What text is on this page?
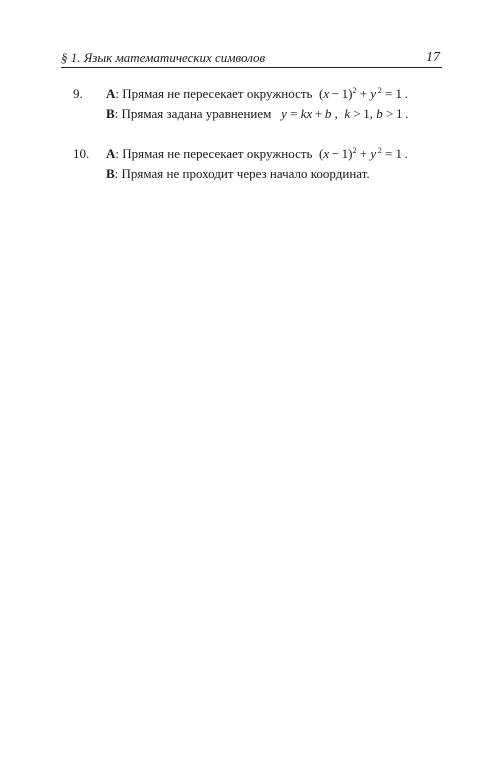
§ 1. Язык математических символов	17
9. A: Прямая не пересекает окружность  $(x - 1)^2 + y$ $^2$ = 1 .
B: Прямая задана уравнением y = kx + b ,  k > 1, b > 1 .
10. A: Прямая не пересекает окружность  $(x - 1)^2 + y$ $^2$ = 1 .
B: Прямая не проходит через начало координат.
